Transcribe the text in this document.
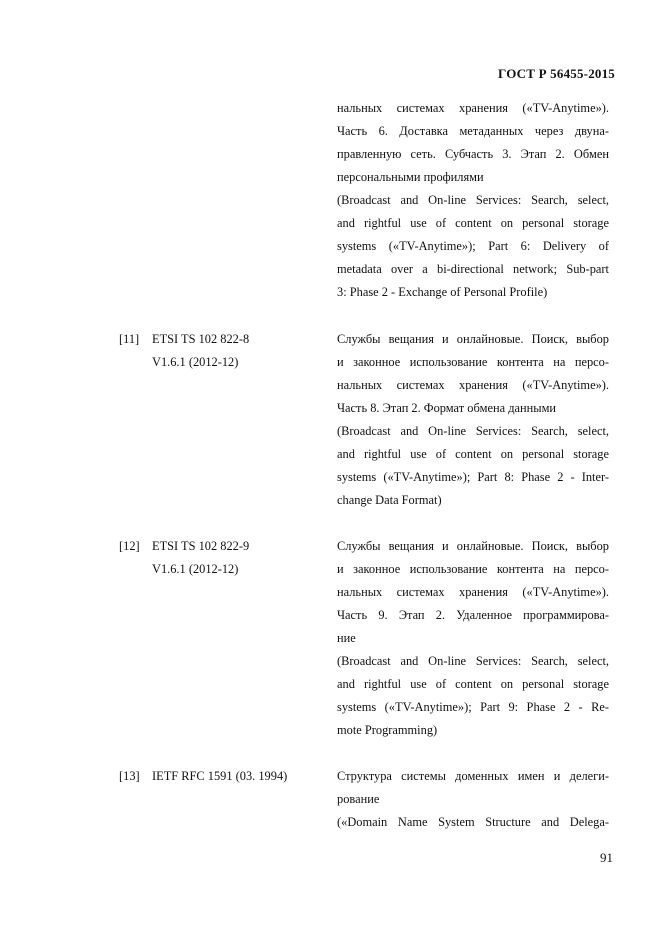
ГОСТ Р 56455-2015
нальных системах хранения («TV-Anytime»).
Часть 6. Доставка метаданных через двуна-
правленную сеть. Субчасть 3. Этап 2. Обмен
персональными профилями
(Broadcast and On-line Services: Search, select,
and rightful use of content on personal storage
systems («TV-Anytime»); Part 6: Delivery of
metadata over a bi-directional network; Sub-part
3: Phase 2 - Exchange of Personal Profile)
[11] ETSI TS 102 822-8
V1.6.1 (2012-12)
Службы вещания и онлайновые. Поиск, выбор
и законное использование контента на персо-
нальных системах хранения («TV-Anytime»).
Часть 8. Этап 2. Формат обмена данными
(Broadcast and On-line Services: Search, select,
and rightful use of content on personal storage
systems («TV-Anytime»); Part 8: Phase 2 - Inter-
change Data Format)
[12] ETSI TS 102 822-9
V1.6.1 (2012-12)
Службы вещания и онлайновые. Поиск, выбор
и законное использование контента на персо-
нальных системах хранения («TV-Anytime»).
Часть 9. Этап 2. Удаленное программирова-
ние
(Broadcast and On-line Services: Search, select,
and rightful use of content on personal storage
systems («TV-Anytime»); Part 9: Phase 2 - Re-
mote Programming)
[13] IETF RFC 1591 (03. 1994)	Структура системы доменных имен и делеги-
рование
(«Domain Name System Structure and Delega-
91
